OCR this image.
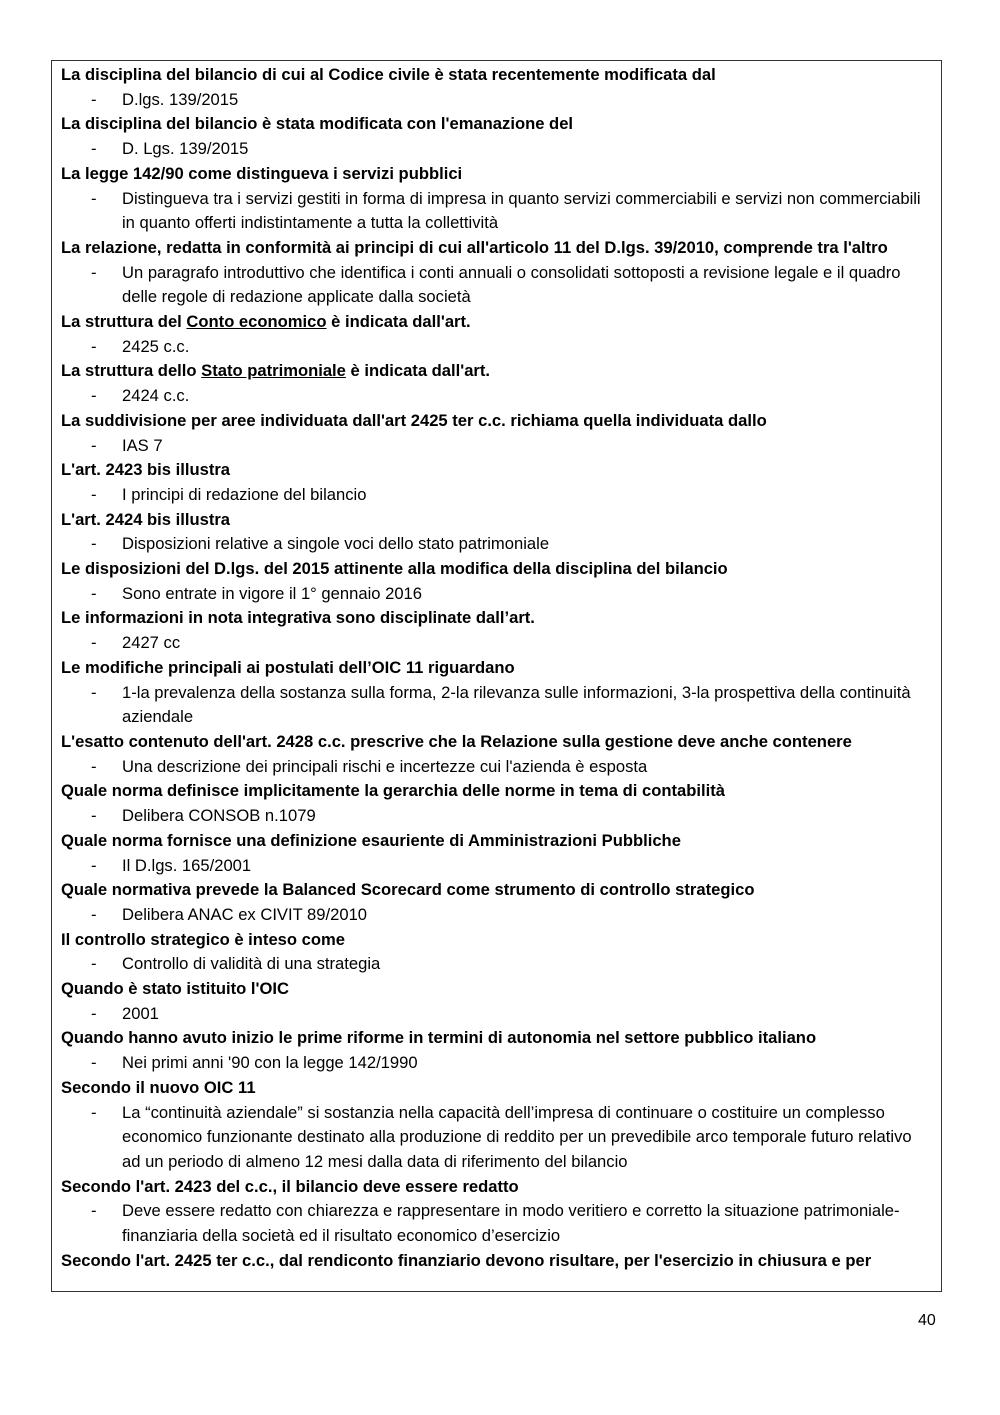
La disciplina del bilancio di cui al Codice civile è stata recentemente modificata dal

- D.lgs. 139/2015

La disciplina del bilancio è stata modificata con l'emanazione del

- D. Lgs. 139/2015

La legge 142/90 come distingueva i servizi pubblici

- Distingueva tra i servizi gestiti in forma di impresa in quanto servizi commerciabili e servizi non commerciabili in quanto offerti indistintamente a tutta la collettività

La relazione, redatta in conformità ai principi di cui all'articolo 11 del D.lgs. 39/2010, comprende tra l'altro

- Un paragrafo introduttivo che identifica i conti annuali o consolidati sottoposti a revisione legale e il quadro delle regole di redazione applicate dalla società

La struttura del Conto economico è indicata dall'art.

- 2425 c.c.

La struttura dello Stato patrimoniale è indicata dall'art.

- 2424 c.c.

La suddivisione per aree individuata dall'art 2425 ter c.c. richiama quella individuata dallo

- IAS 7

L'art. 2423 bis illustra

- I principi di redazione del bilancio

L'art. 2424 bis illustra

- Disposizioni relative a singole voci dello stato patrimoniale

Le disposizioni del D.lgs. del 2015 attinente alla modifica della disciplina del bilancio

- Sono entrate in vigore il 1° gennaio 2016

Le informazioni in nota integrativa sono disciplinate dall’art.

- 2427 cc

Le modifiche principali ai postulati dell’OIC 11 riguardano

- 1-la prevalenza della sostanza sulla forma, 2-la rilevanza sulle informazioni, 3-la prospettiva della continuità aziendale

L'esatto contenuto dell'art. 2428 c.c. prescrive che la Relazione sulla gestione deve anche contenere

- Una descrizione dei principali rischi e incertezze cui l'azienda è esposta

Quale norma definisce implicitamente la gerarchia delle norme in tema di contabilità

- Delibera CONSOB n.1079

Quale norma fornisce una definizione esauriente di Amministrazioni Pubbliche

- Il D.lgs. 165/2001

Quale normativa prevede la Balanced Scorecard come strumento di controllo strategico

- Delibera ANAC ex CIVIT 89/2010

Il controllo strategico è inteso come

- Controllo di validità di una strategia

Quando è stato istituito l'OIC

- 2001

Quando hanno avuto inizio le prime riforme in termini di autonomia nel settore pubblico italiano

- Nei primi anni '90 con la legge 142/1990

Secondo il nuovo OIC 11

- La “continuità aziendale” si sostanzia nella capacità dell’impresa di continuare o costituire un complesso economico funzionante destinato alla produzione di reddito per un prevedibile arco temporale futuro relativo ad un periodo di almeno 12 mesi dalla data di riferimento del bilancio

Secondo l'art. 2423 del c.c., il bilancio deve essere redatto

- Deve essere redatto con chiarezza e rappresentare in modo veritiero e corretto la situazione patrimoniale-finanziaria della società ed il risultato economico d’esercizio

Secondo l'art. 2425 ter c.c., dal rendiconto finanziario devono risultare, per l'esercizio in chiusura e per

40
